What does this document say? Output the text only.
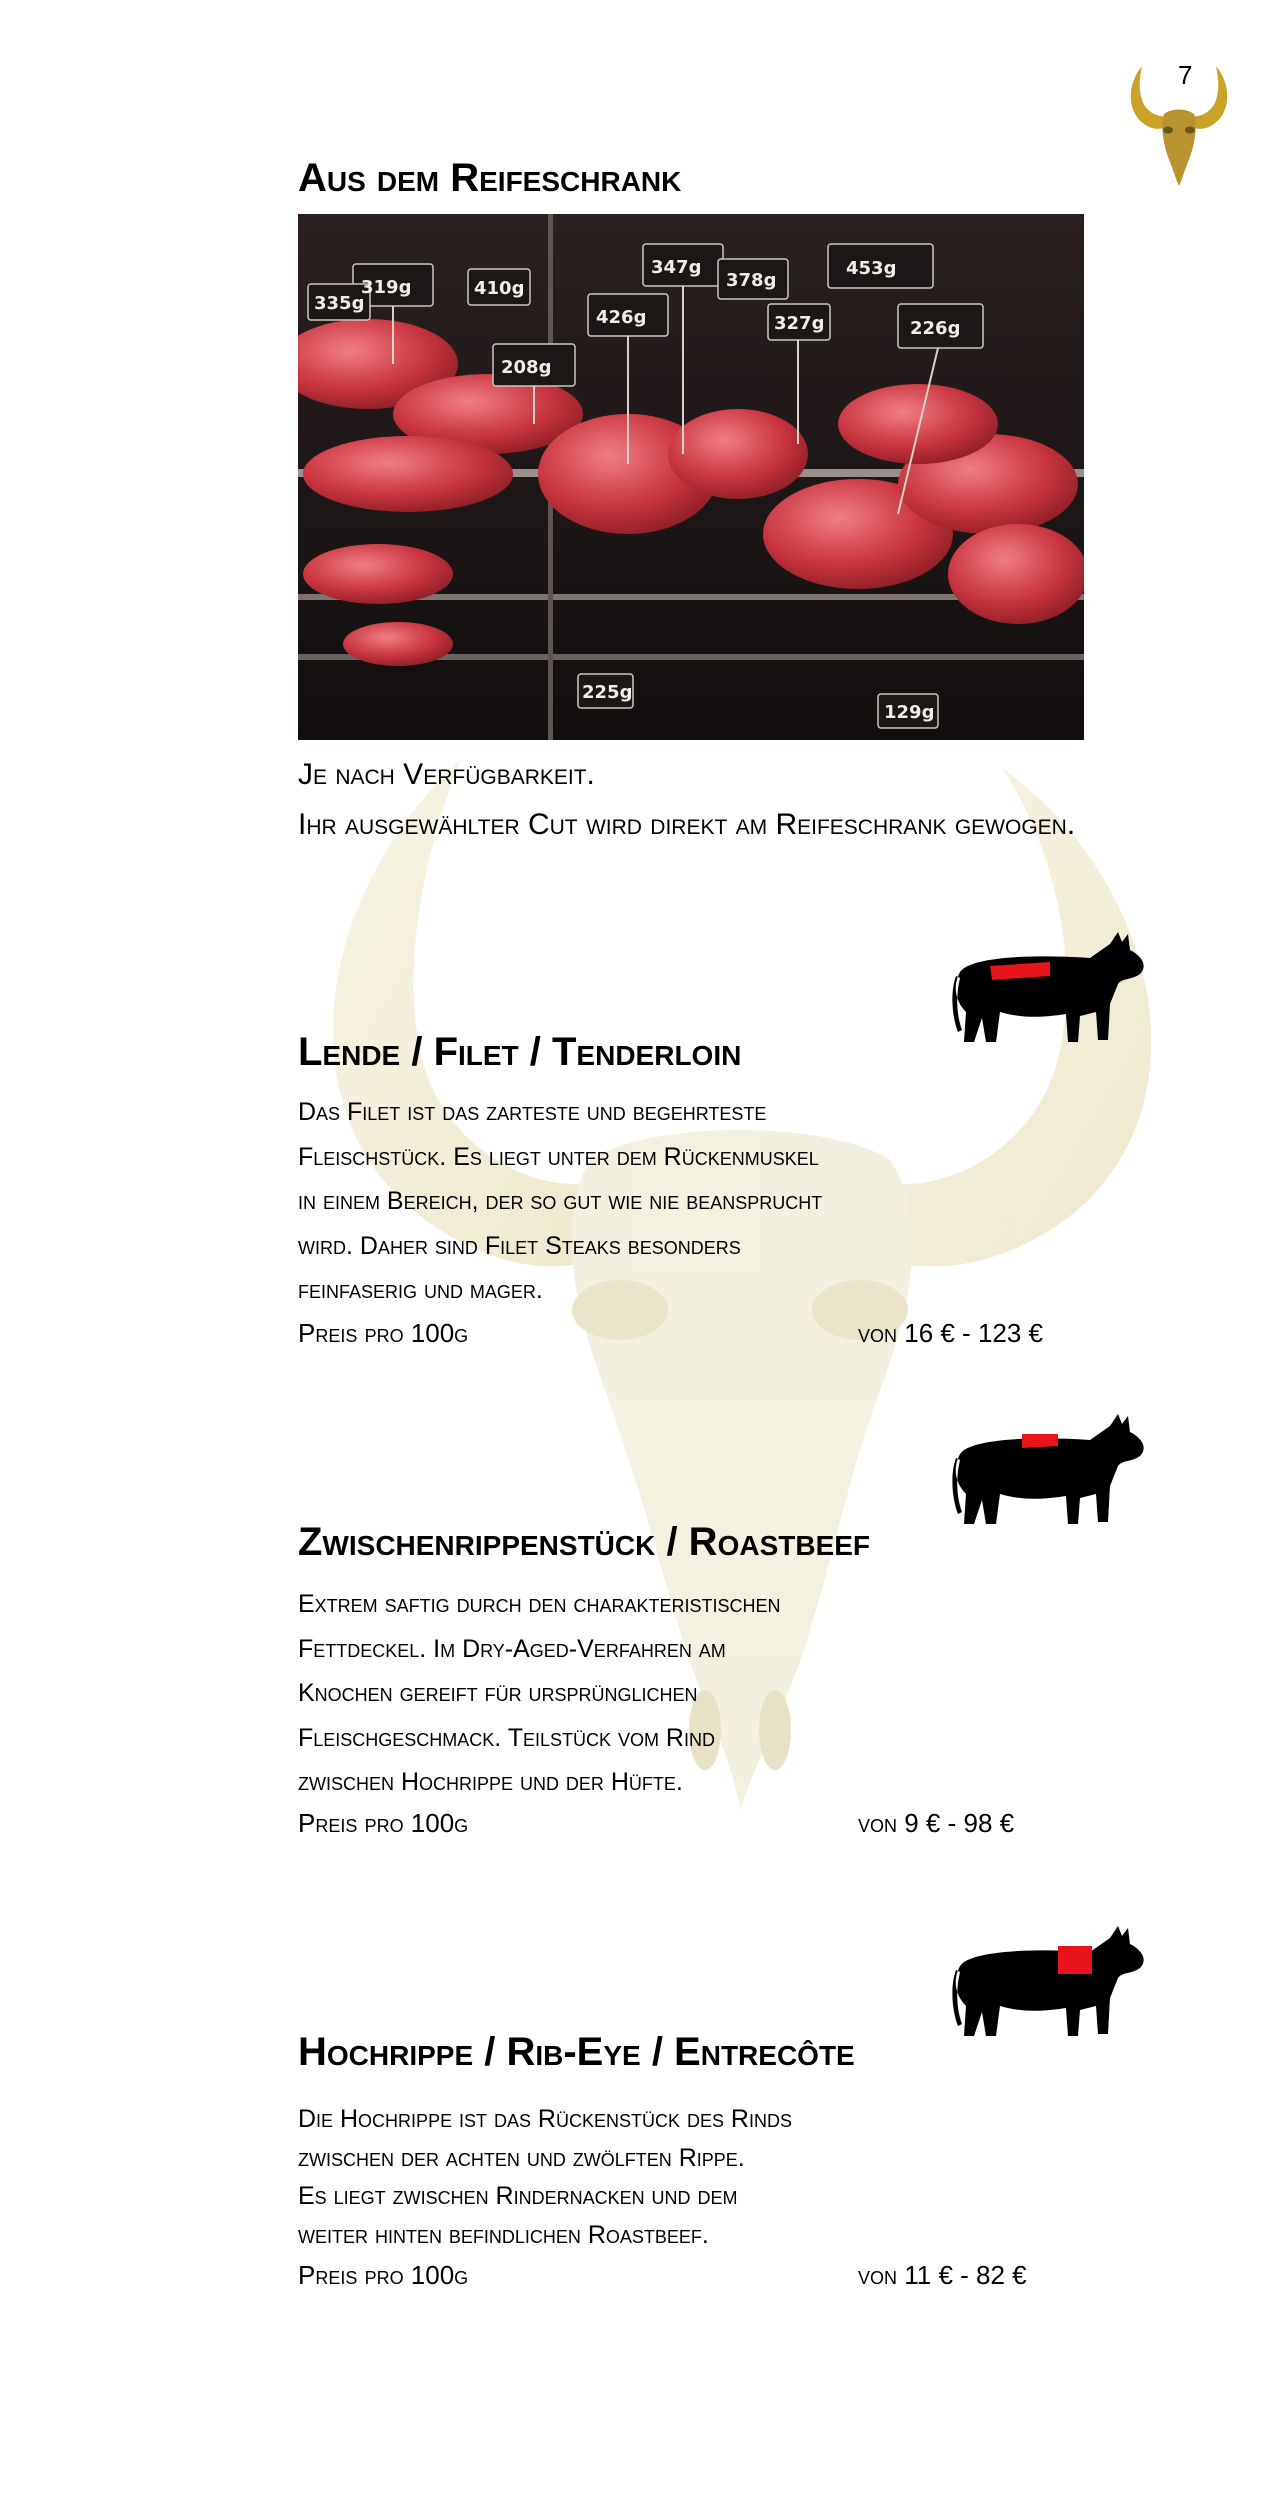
7
Aus dem Reifeschrank
319g
208g
426g
347g
378g
327g
453g
226g
335g
410g
225g
129g
Je nach Verfügbarkeit.
Ihr ausgewählter Cut wird direkt am Reifeschrank gewogen.
Lende / Filet / Tenderloin
Das Filet ist das zarteste und begehrteste
Fleischstück. Es liegt unter dem Rückenmuskel
in einem Bereich, der so gut wie nie beansprucht
wird. Daher sind Filet Steaks besonders
feinfaserig und mager.
Preis pro 100g	von 16 € - 123 €
Zwischenrippenstück / Roastbeef
Extrem saftig durch den charakteristischen
Fettdeckel. Im Dry-Aged-Verfahren am
Knochen gereift für ursprünglichen
Fleischgeschmack. Teilstück vom Rind
zwischen Hochrippe und der Hüfte.
Preis pro 100g	von 9 € - 98 €
Hochrippe / Rib-Eye / Entrecôte
Die Hochrippe ist das Rückenstück des Rinds
zwischen der achten und zwölften Rippe.
Es liegt zwischen Rindernacken und dem
weiter hinten befindlichen Roastbeef.
Preis pro 100g	von 11 € - 82 €
